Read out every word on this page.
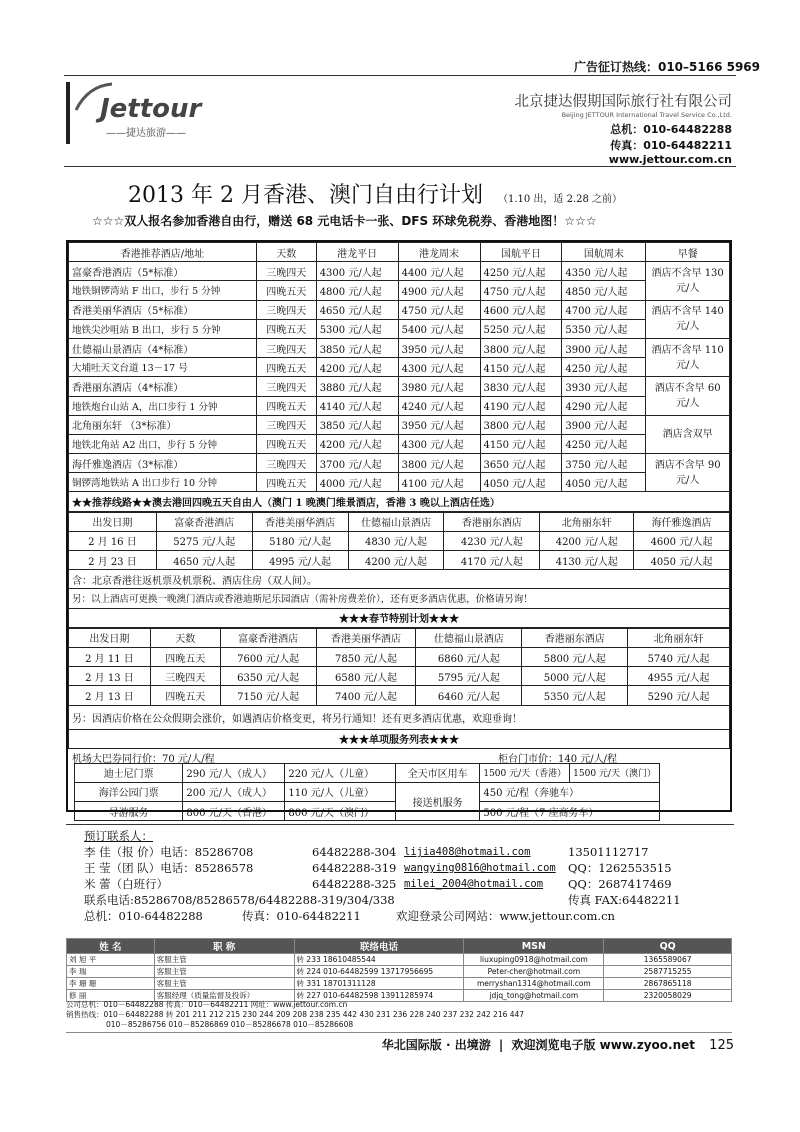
广告征订热线：010–5166 5969
Jettour
——捷达旅游——
北京捷达假期国际旅行社有限公司
Beijing JETTOUR International Travel Service Co.,Ltd.
总机：010-64482288
传真：010-64482211
www.jettour.com.cn
2013 年 2 月香港、澳门自由行计划 （1.10 出，适 2.28 之前）
☆☆☆双人报名参加香港自由行，赠送 68 元电话卡一张、DFS 环球免税券、香港地图！☆☆☆
香港推荐酒店/地址	天数	港龙平日	港龙周末	国航平日	国航周末	早餐
富豪香港酒店（5*标准）	三晚四天	4300 元/人起	4400 元/人起	4250 元/人起	4350 元/人起	酒店不含早 130 元/人
地铁铜锣湾站 F 出口，步行 5 分钟	四晚五天	4800 元/人起	4900 元/人起	4750 元/人起	4850 元/人起	
香港美丽华酒店（5*标准）	三晚四天	4650 元/人起	4750 元/人起	4600 元/人起	4700 元/人起	酒店不含早 140 元/人
地铁尖沙咀站 B 出口，步行 5 分钟	四晚五天	5300 元/人起	5400 元/人起	5250 元/人起	5350 元/人起	
仕德福山景酒店（4*标准）	三晚四天	3850 元/人起	3950 元/人起	3800 元/人起	3900 元/人起	酒店不含早 110 元/人
大埔吐天文台道 13－17 号	四晚五天	4200 元/人起	4300 元/人起	4150 元/人起	4250 元/人起	
香港丽东酒店（4*标准）	三晚四天	3880 元/人起	3980 元/人起	3830 元/人起	3930 元/人起	酒店不含早 60 元/人
地铁炮台山站 A，出口步行 1 分钟	四晚五天	4140 元/人起	4240 元/人起	4190 元/人起	4290 元/人起	
北角丽东轩 （3*标准）	三晚四天	3850 元/人起	3950 元/人起	3800 元/人起	3900 元/人起	酒店含双早
地铁北角站 A2 出口，步行 5 分钟	四晚五天	4200 元/人起	4300 元/人起	4150 元/人起	4250 元/人起	
海仟雅逸酒店（3*标准）	三晚四天	3700 元/人起	3800 元/人起	3650 元/人起	3750 元/人起	酒店不含早 90 元/人
铜锣湾地铁站 A 出口步行 10 分钟	四晚五天	4000 元/人起	4100 元/人起	4050 元/人起	4050 元/人起	
★★推荐线路★★澳去港回四晚五天自由人（澳门 1 晚澳门维景酒店，香港 3 晚以上酒店任选）						
出发日期	富豪香港酒店	香港美丽华酒店	仕德福山景酒店	香港丽东酒店	北角丽东轩	海仟雅逸酒店
2 月 16 日	5275 元/人起	5180 元/人起	4830 元/人起	4230 元/人起	4200 元/人起	4600 元/人起
2 月 23 日	4650 元/人起	4995 元/人起	4200 元/人起	4170 元/人起	4130 元/人起	4050 元/人起
含：北京香港往返机票及机票税、酒店住房（双人间）。						
另：以上酒店可更换一晚澳门酒店或香港迪斯尼乐园酒店（需补房费差价），还有更多酒店优惠，价格请另询！						
★★★春节特别计划★★★						
出发日期	天数	富豪香港酒店	香港美丽华酒店	仕德福山景酒店	香港丽东酒店	北角丽东轩
2 月 11 日	四晚五天	7600 元/人起	7850 元/人起	6860 元/人起	5800 元/人起	5740 元/人起
2 月 13 日	三晚四天	6350 元/人起	6580 元/人起	5795 元/人起	5000 元/人起	4955 元/人起
2 月 13 日	四晚五天	7150 元/人起	7400 元/人起	6460 元/人起	5350 元/人起	5290 元/人起
另：因酒店价格在公众假期会涨价，如遇酒店价格变更，将另行通知！还有更多酒店优惠，欢迎垂询！						
★★★单项服务列表★★★						
机场大巴券同行价：70 元/人/程	柜台门市价：140 元/人/程
迪士尼门票	290 元/人（成人）	220 元/人（儿童）	全天市区用车	1500 元/天（香港）	1500 元/天（澳门）
海洋公园门票	200 元/人（成人）	110 元/人（儿童）	接送机服务	450 元/程（奔驰车）	
导游服务	800 元/天（香港）	800 元/天（澳门）		500 元/程（7 座商务车）	
预订联系人：
李 佳（报 价）电话：85286708	64482288-304 lijia408@hotmail.com	13501112717
王 莹（团 队）电话：85286578	64482288-319 wangying0816@hotmail.com QQ：1262553515
米 蕾（白班行）	64482288-325 milei_2004@hotmail.com QQ：2687417469
联系电话:85286708/85286578/64482288-319/304/338	传真 FAX:64482211
总机：010-64482288	传真：010-64482211	欢迎登录公司网站：www.jettour.com.cn
姓 名	职 称	联络电话	MSN	QQ
刘 旭 平	客服主管	转 233 18610485544	liuxuping0918@hotmail.com	1365589067
李 瑞	客服主管	转 224 010-64482599 13717956695	Peter-cher@hotmail.com	2587715255
李 珊 珊	客服主管	转 331 18701311128	merryshan1314@hotmail.com	2867865118
修 丽	客服经理（质量监督及投诉）	转 227 010-64482598 13911285974	jdjq_tong@hotmail.com	2320058029
公司总机：010－64482288 传真：010－64482211 网址：www.jettour.com.cn
销售热线：010－64482288 转 201 211 212 215 230 244 209 208 238 235 442 430 231 236 228 240 237 232 242 216 447
010－85286756 010－85286869 010－85286678 010－85286608
华北国际版 · 出境游 | 欢迎浏览电子版 www.zyoo.net 125
